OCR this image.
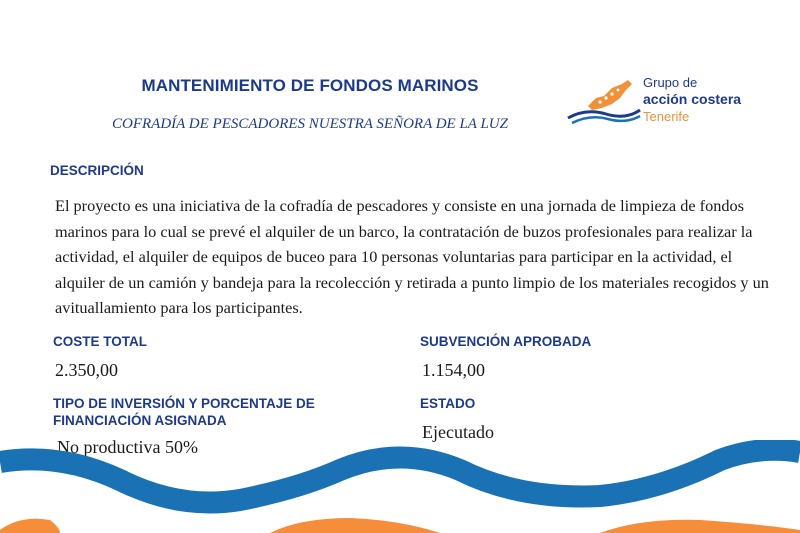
MANTENIMIENTO DE FONDOS MARINOS
COFRADÍA DE PESCADORES NUESTRA SEÑORA DE LA LUZ
Grupo de
acción costera
Tenerife
DESCRIPCIÓN
El proyecto es una iniciativa de la cofradía de pescadores y consiste en una jornada de limpieza de fondos marinos para lo cual se prevé el alquiler de un barco, la contratación de buzos profesionales para realizar la actividad, el alquiler de equipos de buceo para 10 personas voluntarias para participar en la actividad, el alquiler de un camión y bandeja para la recolección y retirada a punto limpio de los materiales recogidos y un avituallamiento para los participantes.
COSTE TOTAL
2.350,00
SUBVENCIÓN APROBADA
1.154,00
TIPO DE INVERSIÓN Y PORCENTAJE DE FINANCIACIÓN ASIGNADA
No productiva 50%
ESTADO
Ejecutado
